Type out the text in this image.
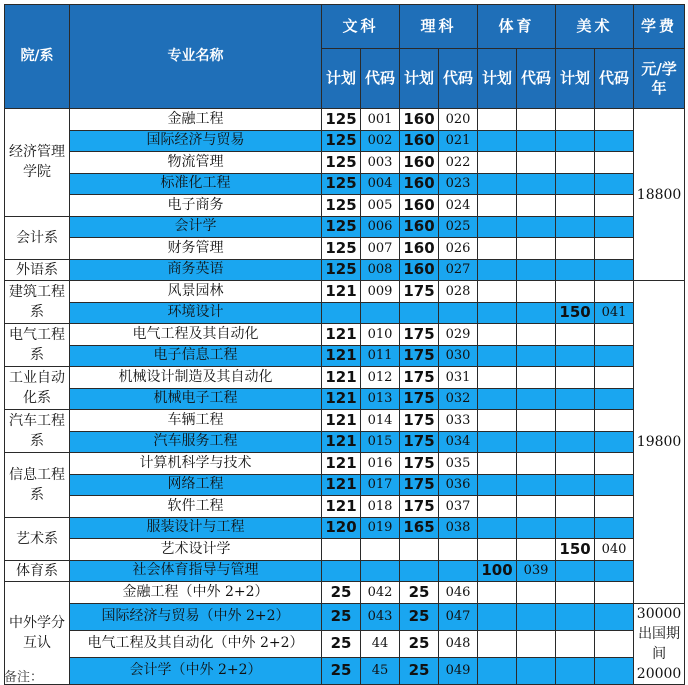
院/系	专业名称	文科		理科		体育		美术		学费
		计划	代码	计划	代码	计划	代码	计划	代码	元/学年
经济管理学院	金融工程	125	001	160	020					18800
	国际经济与贸易	125	002	160	021					
	物流管理	125	003	160	022					
	标准化工程	125	004	160	023					
	电子商务	125	005	160	024					
会计系	会计学	125	006	160	025					
	财务管理	125	007	160	026					
外语系	商务英语	125	008	160	027					
建筑工程系	风景园林	121	009	175	028					19800
	环境设计							150	041	
电气工程系	电气工程及其自动化	121	010	175	029					
	电子信息工程	121	011	175	030					
工业自动化系	机械设计制造及其自动化	121	012	175	031					
	机械电子工程	121	013	175	032					
汽车工程系	车辆工程	121	014	175	033					
	汽车服务工程	121	015	175	034					
信息工程系	计算机科学与技术	121	016	175	035					
	网络工程	121	017	175	036					
	软件工程	121	018	175	037					
艺术系	服装设计与工程	120	019	165	038					
	艺术设计学							150	040	
体育系	社会体育指导与管理					100	039			
中外学分互认	金融工程（中外 2+2）	25	042	25	046					
	国际经济与贸易（中外 2+2）	25	043	25	047					30000出国期间20000
	电气工程及其自动化（中外 2+2）	25	44	25	048					
	会计学（中外 2+2）	25	45	25	049					
备注：
